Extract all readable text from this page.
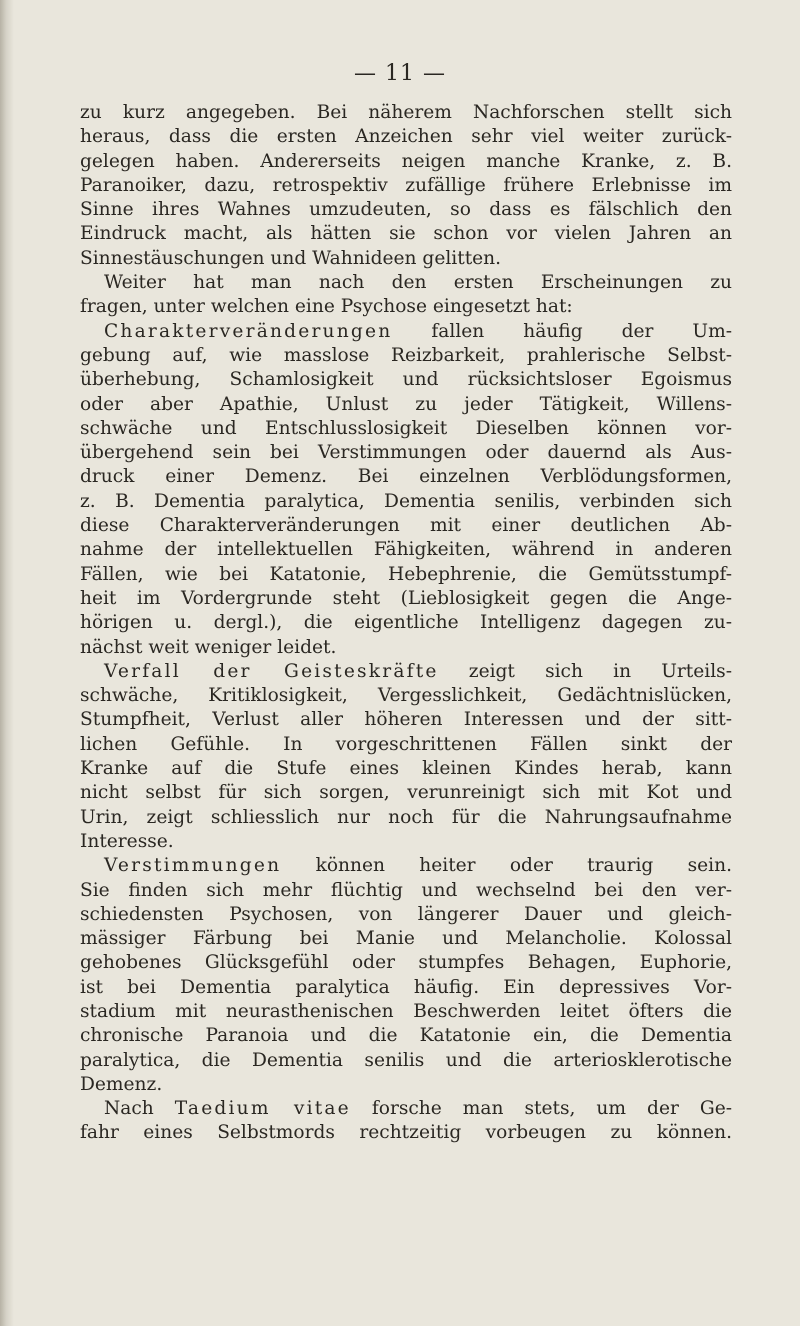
— 11 —

zu kurz angegeben. Bei näherem Nachforschen stellt sich
heraus, dass die ersten Anzeichen sehr viel weiter zurück-
gelegen haben. Andererseits neigen manche Kranke, z. B.
Paranoiker, dazu, retrospektiv zufällige frühere Erlebnisse im
Sinne ihres Wahnes umzudeuten, so dass es fälschlich den
Eindruck macht, als hätten sie schon vor vielen Jahren an
Sinnestäuschungen und Wahnideen gelitten.
Weiter hat man nach den ersten Erscheinungen zu
fragen, unter welchen eine Psychose eingesetzt hat:
Charakterveränderungen fallen häufig der Um-
gebung auf, wie masslose Reizbarkeit, prahlerische Selbst-
überhebung, Schamlosigkeit und rücksichtsloser Egoismus
oder aber Apathie, Unlust zu jeder Tätigkeit, Willens-
schwäche und Entschlusslosigkeit Dieselben können vor-
übergehend sein bei Verstimmungen oder dauernd als Aus-
druck einer Demenz. Bei einzelnen Verblödungsformen,
z. B. Dementia paralytica, Dementia senilis, verbinden sich
diese Charakterveränderungen mit einer deutlichen Ab-
nahme der intellektuellen Fähigkeiten, während in anderen
Fällen, wie bei Katatonie, Hebephrenie, die Gemütsstumpf-
heit im Vordergrunde steht (Lieblosigkeit gegen die Ange-
hörigen u. dergl.), die eigentliche Intelligenz dagegen zu-
nächst weit weniger leidet.
Verfall der Geisteskräfte zeigt sich in Urteils-
schwäche, Kritiklosigkeit, Vergesslichkeit, Gedächtnislücken,
Stumpfheit, Verlust aller höheren Interessen und der sitt-
lichen Gefühle. In vorgeschrittenen Fällen sinkt der
Kranke auf die Stufe eines kleinen Kindes herab, kann
nicht selbst für sich sorgen, verunreinigt sich mit Kot und
Urin, zeigt schliesslich nur noch für die Nahrungsaufnahme
Interesse.
Verstimmungen können heiter oder traurig sein.
Sie finden sich mehr flüchtig und wechselnd bei den ver-
schiedensten Psychosen, von längerer Dauer und gleich-
mässiger Färbung bei Manie und Melancholie. Kolossal
gehobenes Glücksgefühl oder stumpfes Behagen, Euphorie,
ist bei Dementia paralytica häufig. Ein depressives Vor-
stadium mit neurasthenischen Beschwerden leitet öfters die
chronische Paranoia und die Katatonie ein, die Dementia
paralytica, die Dementia senilis und die arteriosklerotische
Demenz.
Nach Taedium vitae forsche man stets, um der Ge-
fahr eines Selbstmords rechtzeitig vorbeugen zu können.
